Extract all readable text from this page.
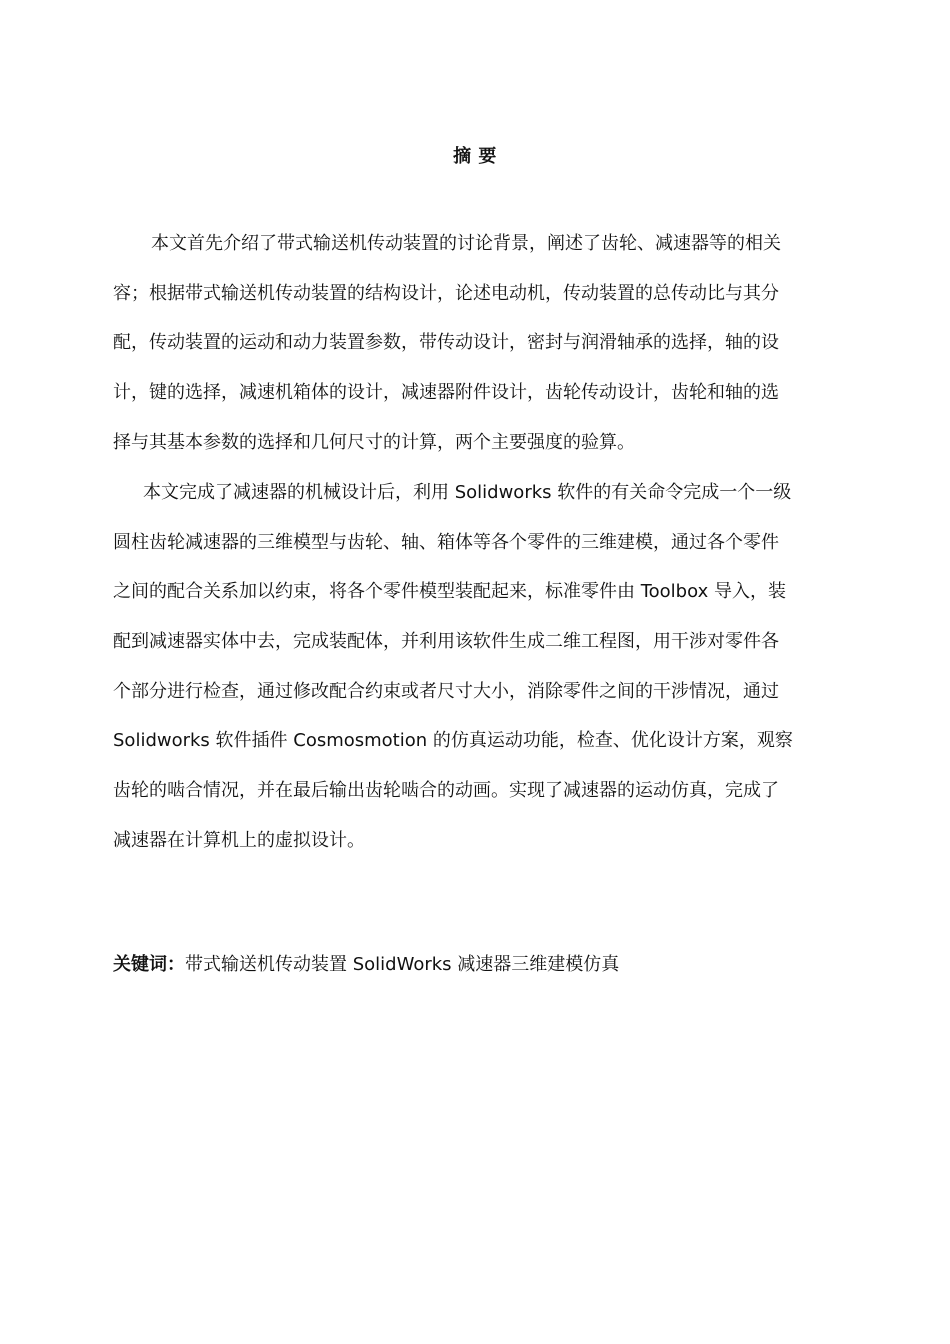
摘 要
本文首先介绍了带式输送机传动装置的讨论背景，阐述了齿轮、减速器等的相关
容；根据带式输送机传动装置的结构设计，论述电动机，传动装置的总传动比与其分
配，传动装置的运动和动力装置参数，带传动设计，密封与润滑轴承的选择，轴的设
计，键的选择，减速机箱体的设计，减速器附件设计，齿轮传动设计，齿轮和轴的选
择与其基本参数的选择和几何尺寸的计算，两个主要强度的验算。
本文完成了减速器的机械设计后，利用 Solidworks 软件的有关命令完成一个一级
圆柱齿轮减速器的三维模型与齿轮、轴、箱体等各个零件的三维建模，通过各个零件
之间的配合关系加以约束，将各个零件模型装配起来，标准零件由 Toolbox 导入，装
配到减速器实体中去，完成装配体，并利用该软件生成二维工程图，用干涉对零件各
个部分进行检查，通过修改配合约束或者尺寸大小，消除零件之间的干涉情况，通过
Solidworks 软件插件 Cosmosmotion 的仿真运动功能，检查、优化设计方案，观察
齿轮的啮合情况，并在最后输出齿轮啮合的动画。实现了减速器的运动仿真，完成了
减速器在计算机上的虚拟设计。
关键词：带式输送机传动装置 SolidWorks 减速器三维建模仿真
